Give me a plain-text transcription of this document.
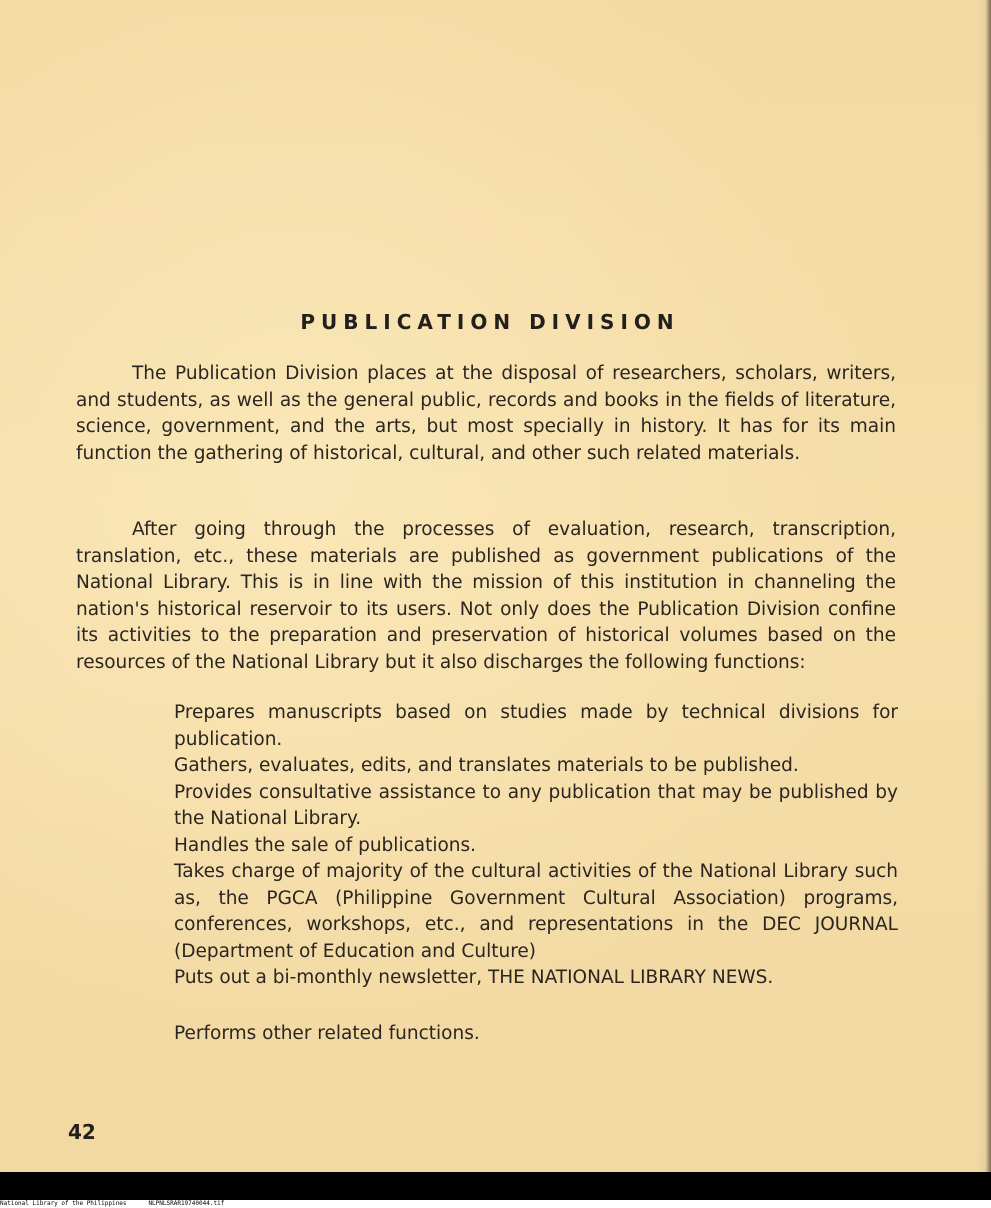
PUBLICATION DIVISION

The Publication Division places at the disposal of researchers, scholars, writers, and students, as well as the general public, records and books in the fields of literature, science, government, and the arts, but most specially in history. It has for its main function the gathering of historical, cultural, and other such related materials.

After going through the processes of evaluation, research, transcription, translation, etc., these materials are published as government publications of the National Library. This is in line with the mission of this institution in channeling the nation's historical reservoir to its users. Not only does the Publication Division confine its activities to the preparation and preservation of historical volumes based on the resources of the National Library but it also discharges the following functions:

Prepares manuscripts based on studies made by technical divisions for publication.
Gathers, evaluates, edits, and translates materials to be published.
Provides consultative assistance to any publication that may be published by the National Library.
Handles the sale of publications.
Takes charge of majority of the cultural activities of the National Library such as, the PGCA (Philippine Government Cultural Association) programs, conferences, workshops, etc., and representations in the DEC JOURNAL (Department of Education and Culture)
Puts out a bi-monthly newsletter, THE NATIONAL LIBRARY NEWS.

Performs other related functions.

42
National Library of the Philippines	NLPNLSRAR19740044.tif
